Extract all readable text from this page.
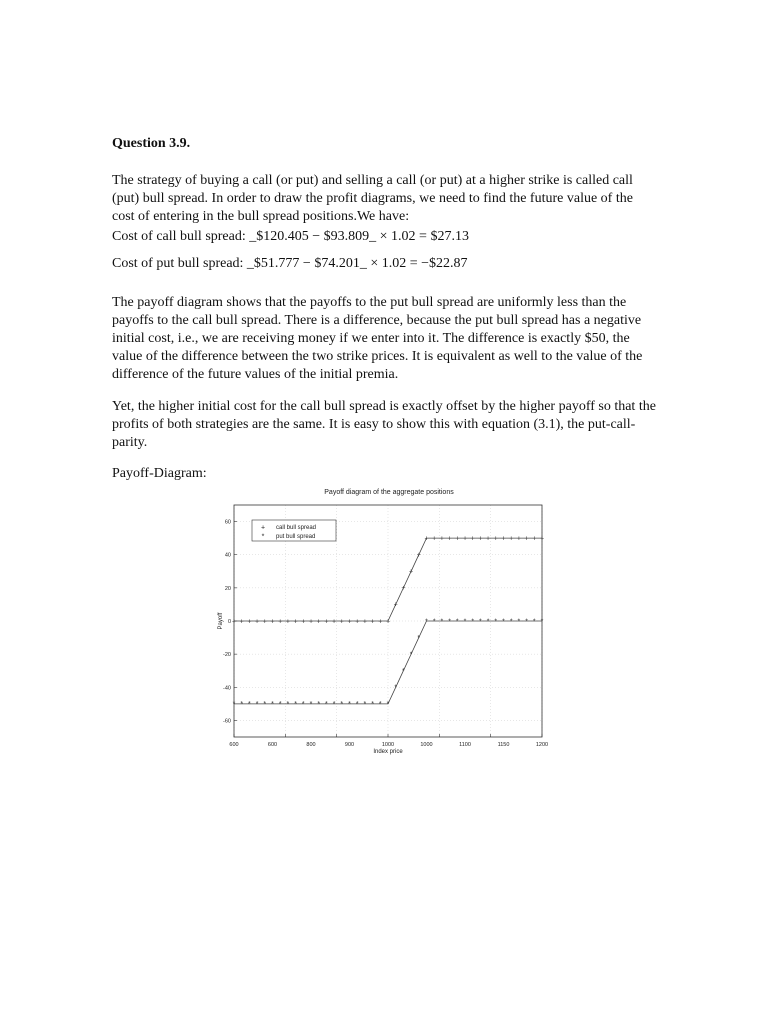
Question 3.9.

The strategy of buying a call (or put) and selling a call (or put) at a higher strike is called call (put) bull spread. In order to draw the profit diagrams, we need to find the future value of the cost of entering in the bull spread positions.We have:

Cost of call bull spread: _$120.405 − $93.809_ × 1.02 = $27.13

Cost of put bull spread: _$51.777 − $74.201_ × 1.02 = −$22.87

The payoff diagram shows that the payoffs to the put bull spread are uniformly less than the payoffs to the call bull spread. There is a difference, because the put bull spread has a negative initial cost, i.e., we are receiving money if we enter into it. The difference is exactly $50, the value of the difference between the two strike prices. It is equivalent as well to the value of the difference of the future values of the initial premia.

Yet, the higher initial cost for the call bull spread is exactly offset by the higher payoff so that the profits of both strategies are the same. It is easy to show this with equation (3.1), the put-call-parity.

Payoff-Diagram:

Payoff diagram of the aggregate positions
60
40
20
0
-20
-40
-60
600	600	800	900	1000	1000	1100	1150	1200
+ + + + + + + + + + + + + + + + + + + + +
+
+
+
+
+ + + + + + + + + + + + + + + +
* * * * * * * * * * * * * * * * * * * * *
*
*
*
*
* * * * * * * * * * * * * * * *
+ call bull spread
* put bull spread
Index price
Payoff
